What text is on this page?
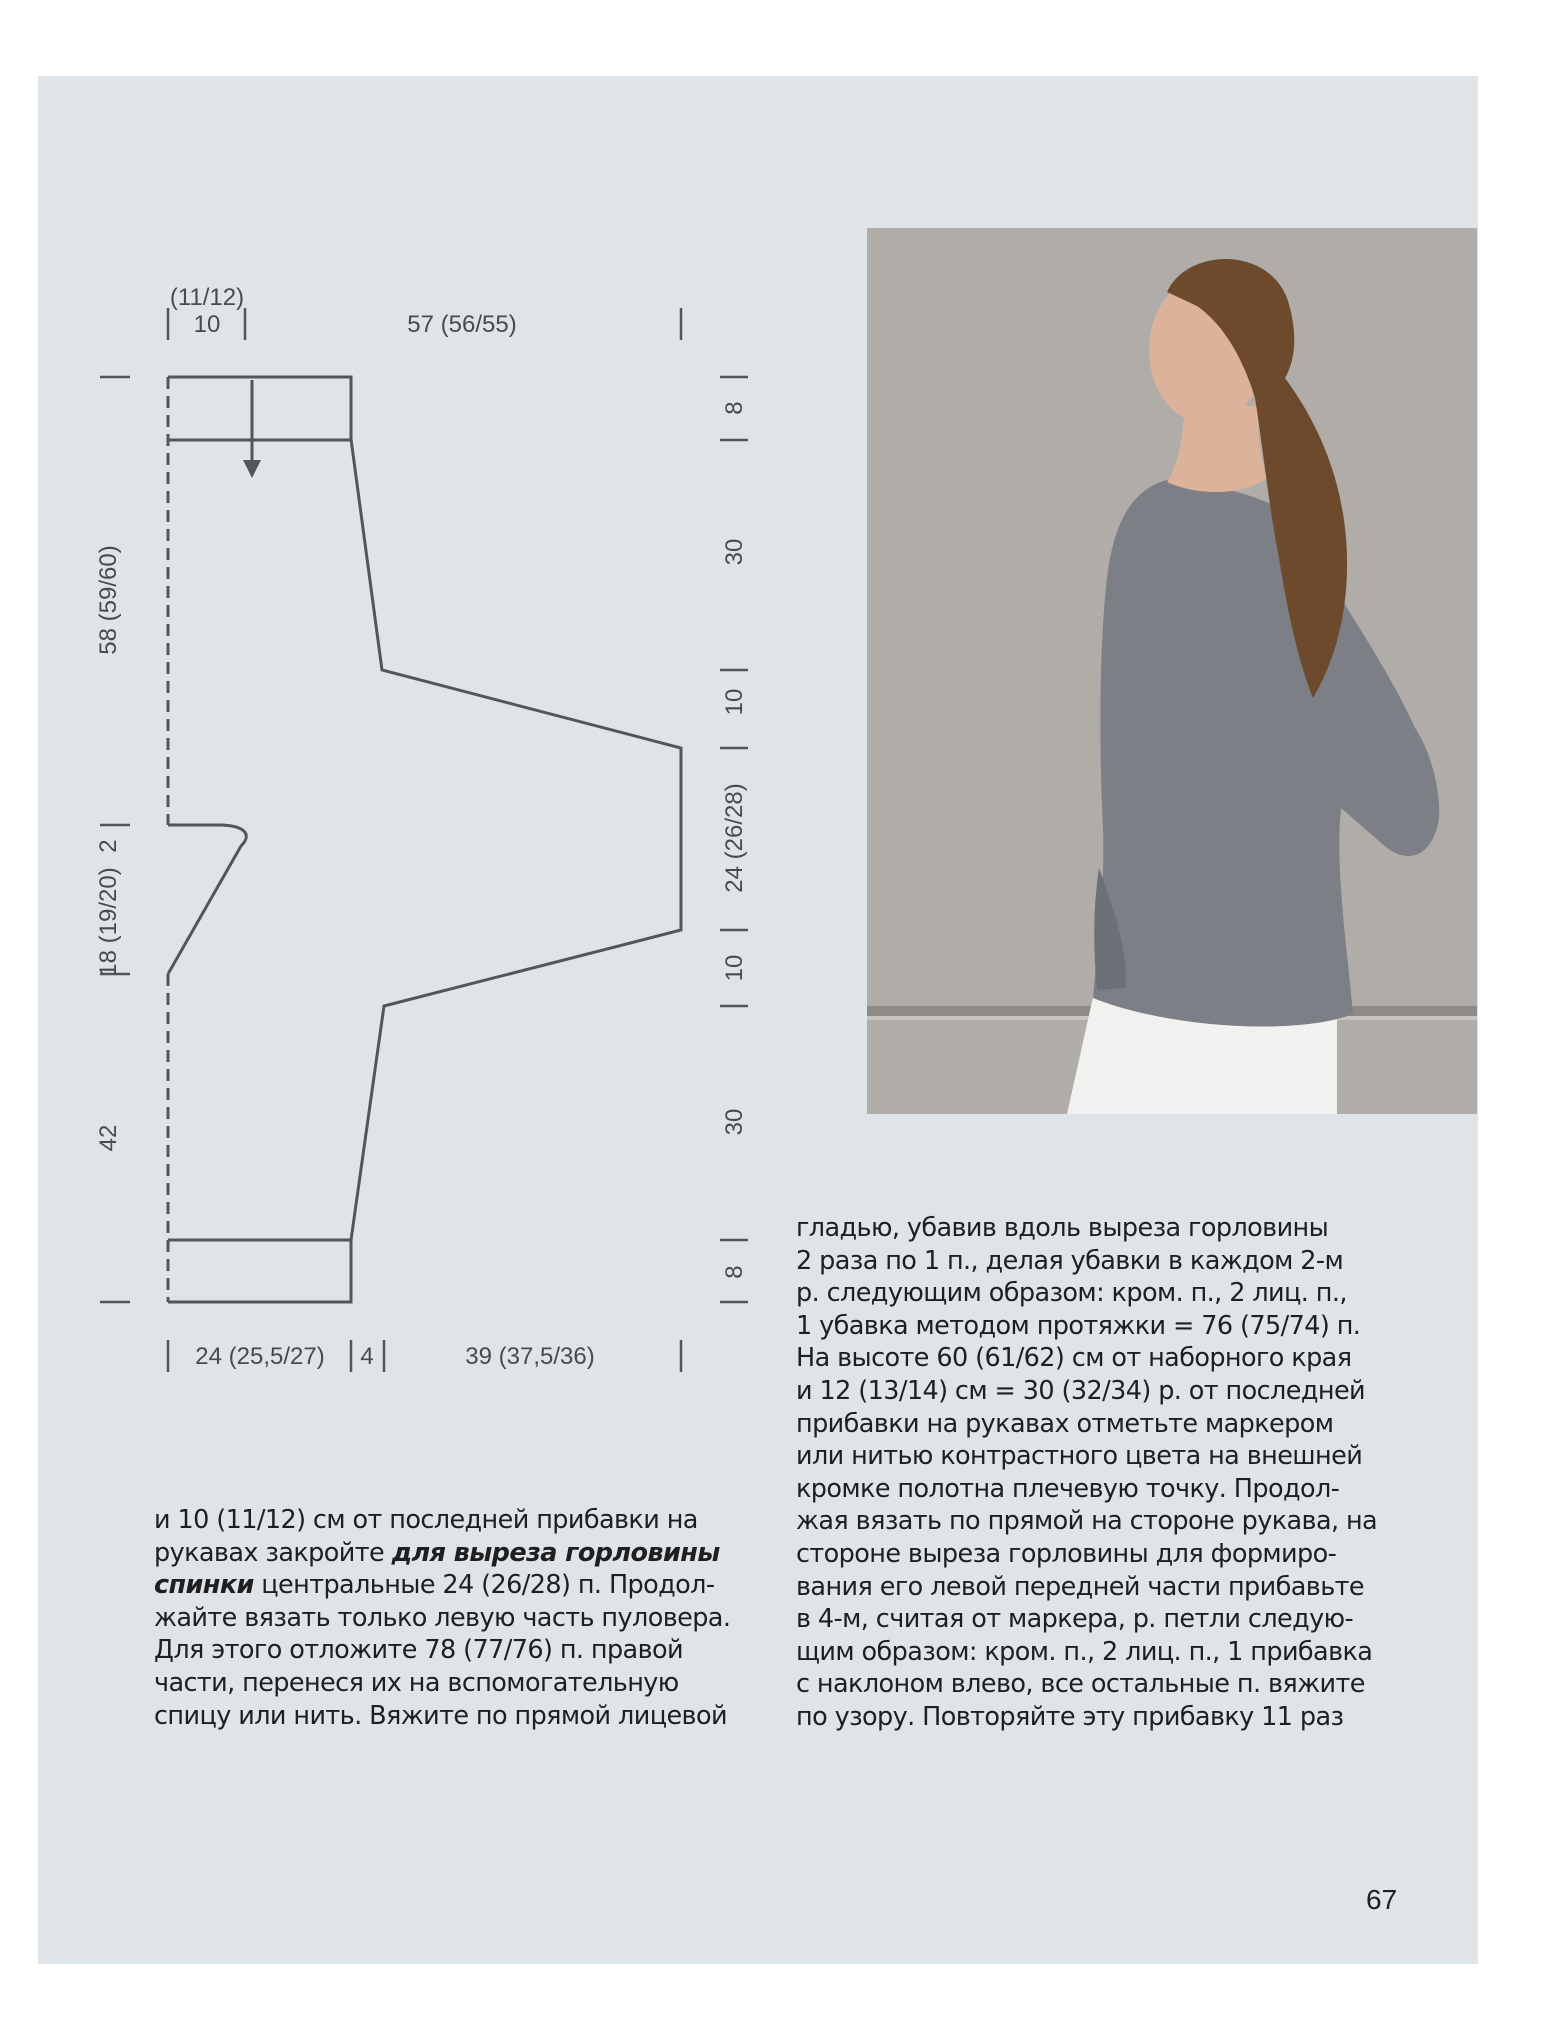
(11/12)
10	57 (56/55)
24 (25,5/27) 4	39 (37,5/36)
58 (59/60)
2
18 (19/20)
42
8
30
10
24 (26/28)
10
30
8
и 10 (11/12) см от последней прибавки на
рукавах закройте для выреза горловины
спинки центральные 24 (26/28) п. Продол-
жайте вязать только левую часть пуловера.
Для этого отложите 78 (77/76) п. правой
части, перенеся их на вспомогательную
спицу или нить. Вяжите по прямой лицевой
гладью, убавив вдоль выреза горловины
2 раза по 1 п., делая убавки в каждом 2-м
р. следующим образом: кром. п., 2 лиц. п.,
1 убавка методом протяжки = 76 (75/74) п.
На высоте 60 (61/62) см от наборного края
и 12 (13/14) см = 30 (32/34) р. от последней
прибавки на рукавах отметьте маркером
или нитью контрастного цвета на внешней
кромке полотна плечевую точку. Продол-
жая вязать по прямой на стороне рукава, на
стороне выреза горловины для формиро-
вания его левой передней части прибавьте
в 4-м, считая от маркера, р. петли следую-
щим образом: кром. п., 2 лиц. п., 1 прибавка
с наклоном влево, все остальные п. вяжите
по узору. Повторяйте эту прибавку 11 раз
67
